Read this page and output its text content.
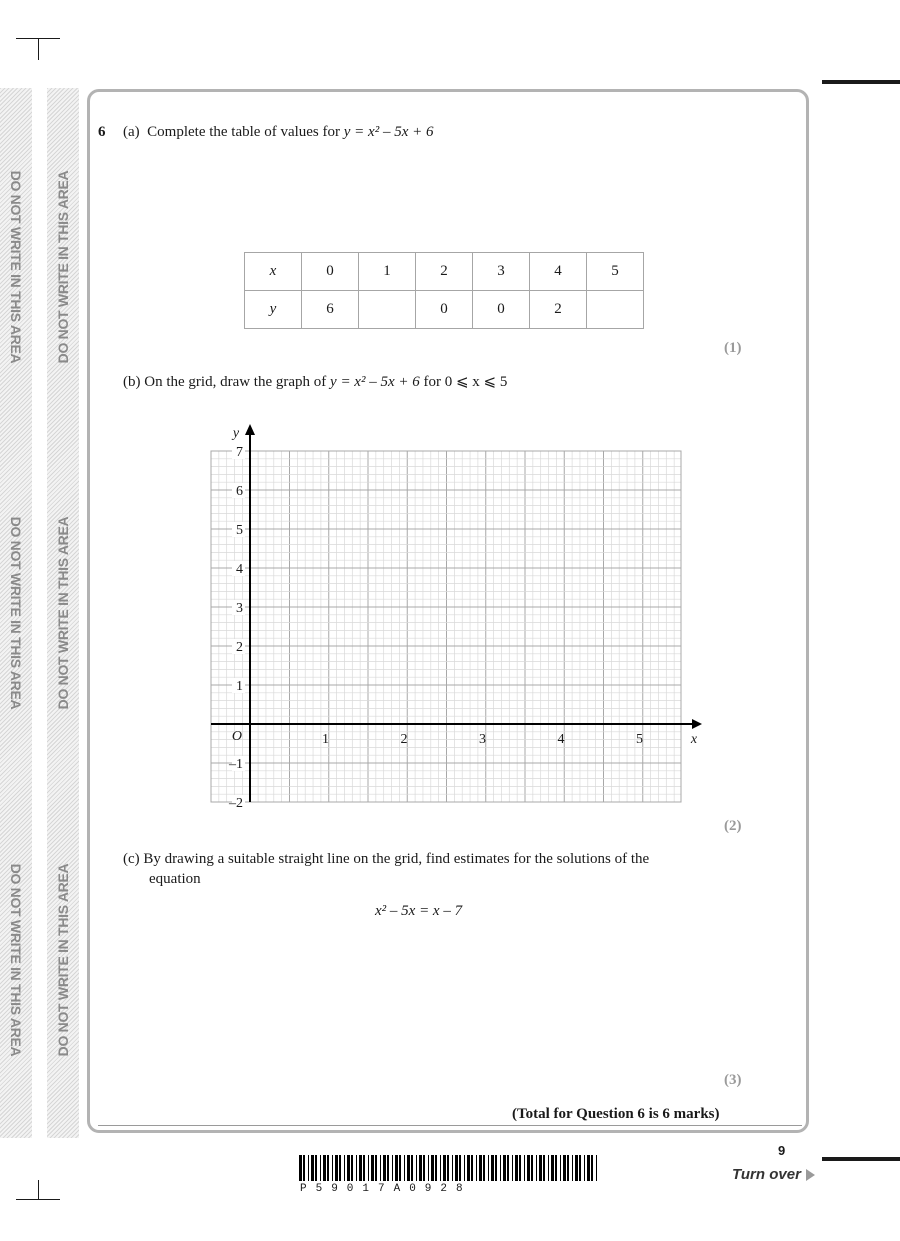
DO NOT WRITE IN THIS AREA
DO NOT WRITE IN THIS AREA
DO NOT WRITE IN THIS AREA
DO NOT WRITE IN THIS AREA
DO NOT WRITE IN THIS AREA
DO NOT WRITE IN THIS AREA
6 (a) Complete the table of values for y = x² – 5x + 6
x	0	1	2	3	4	5
y	6		0	0	2	
(1)
(b) On the grid, draw the graph of y = x² – 5x + 6 for 0 ⩽ x ⩽ 5
1	2	3	4	5
7
6
5
4
3
2
1
–1
–2
O	x
y
(2)
(c) By drawing a suitable straight line on the grid, find estimates for the solutions of the
equation
x² – 5x = x – 7
(3)
(Total for Question 6 is 6 marks)
9
Turn over
P59017A0928
